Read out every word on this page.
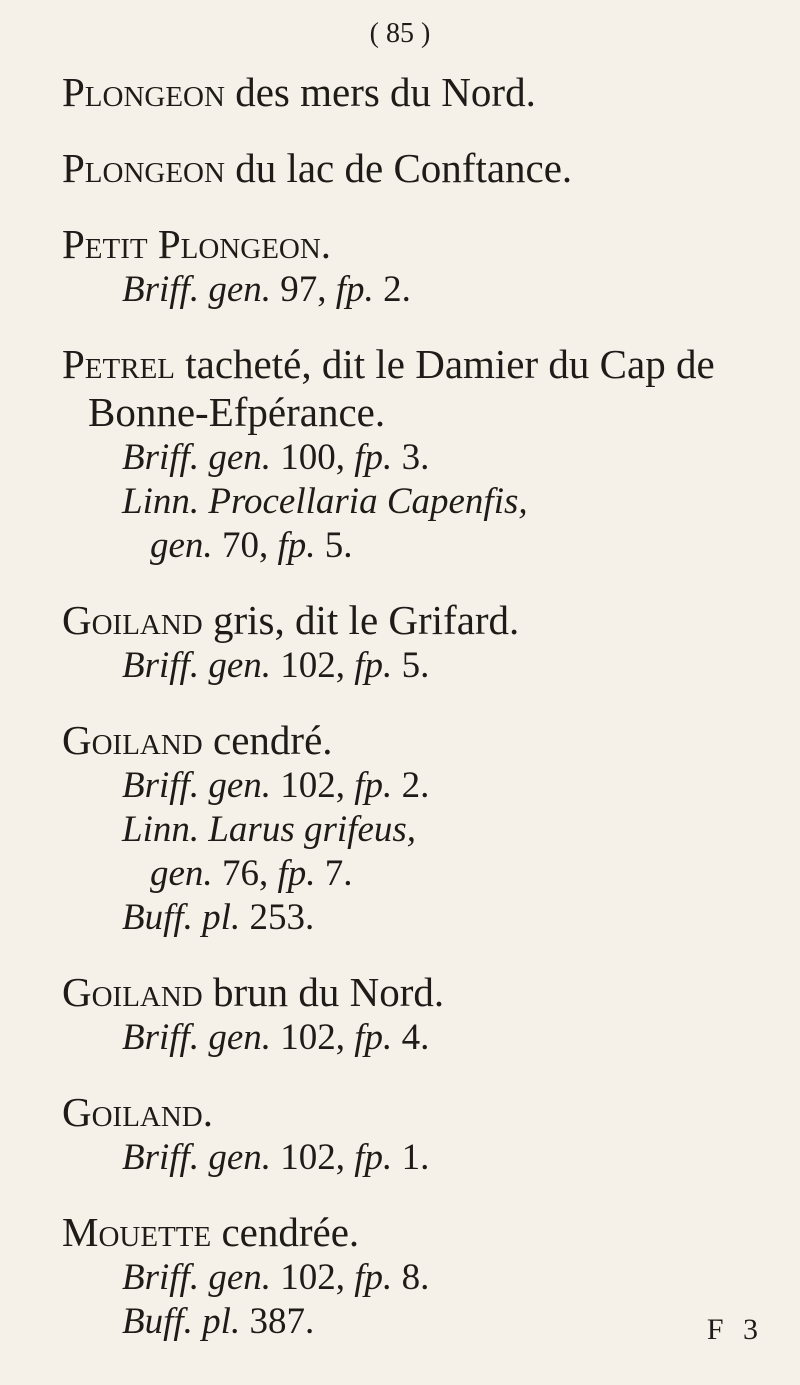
( 85 )
Plongeon des mers du Nord.
Plongeon du lac de Conftance.
Petit Plongeon.
Briff. gen. 97, fp. 2.
Petrel tacheté, dit le Damier du Cap de
Bonne-Efpérance.
Briff. gen. 100, fp. 3.
Linn. Procellaria Capenfis,
gen. 70, fp. 5.
Goiland gris, dit le Grifard.
Briff. gen. 102, fp. 5.
Goiland cendré.
Briff. gen. 102, fp. 2.
Linn. Larus grifeus,
gen. 76, fp. 7.
Buff. pl. 253.
Goiland brun du Nord.
Briff. gen. 102, fp. 4.
Goiland.
Briff. gen. 102, fp. 1.
Mouette cendrée.
Briff. gen. 102, fp. 8.
Buff. pl. 387.	F 3
